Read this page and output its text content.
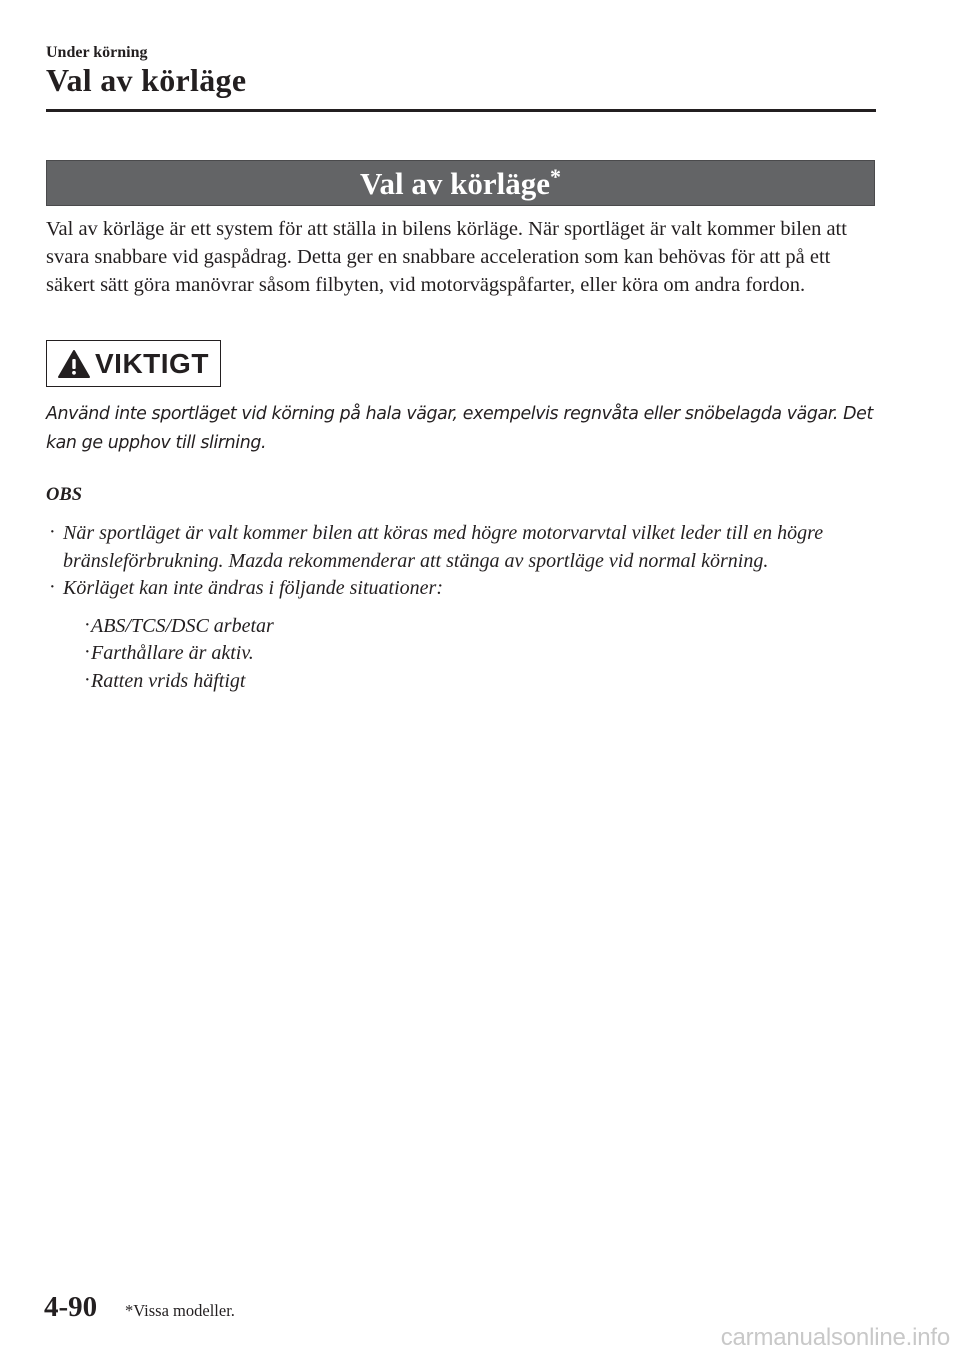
Under körning
Val av körläge
Val av körläge*

Val av körläge är ett system för att ställa in bilens körläge. När sportläget är valt kommer bilen att svara snabbare vid gaspådrag. Detta ger en snabbare acceleration som kan behövas för att på ett säkert sätt göra manövrar såsom filbyten, vid motorvägspåfarter, eller köra om andra fordon.

VIKTIGT

Använd inte sportläget vid körning på hala vägar, exempelvis regnvåta eller snöbelagda vägar. Det kan ge upphov till slirning.

OBS
· När sportläget är valt kommer bilen att köras med högre motorvarvtal vilket leder till en högre bränsleförbrukning. Mazda rekommenderar att stänga av sportläge vid normal körning.
· Körläget kan inte ändras i följande situationer:
· ABS/TCS/DSC arbetar
· Farthållare är aktiv.
· Ratten vrids häftigt
4-90 *Vissa modeller.
carmanualsonline.info
